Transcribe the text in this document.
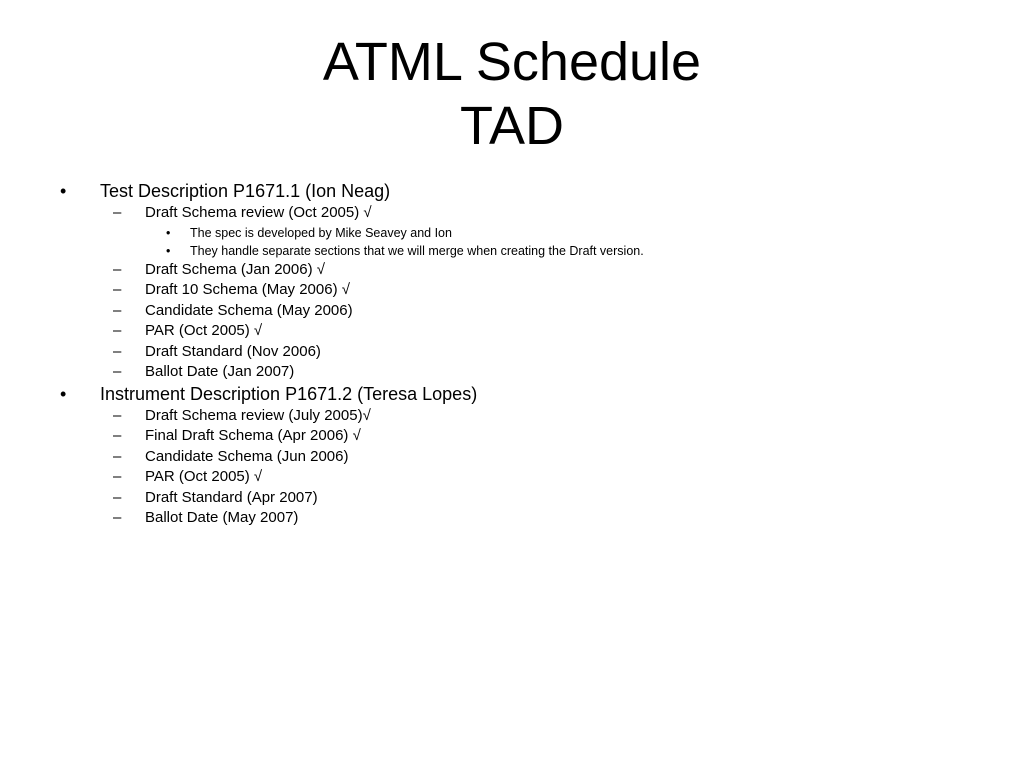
ATML Schedule
TAD
• Test Description P1671.1 (Ion Neag)
– Draft Schema review (Oct 2005) √
• The spec is developed by Mike Seavey and Ion
• They handle separate sections that we will merge when creating the Draft version.
– Draft Schema (Jan 2006) √
– Draft 10 Schema (May 2006) √
– Candidate Schema (May 2006)
– PAR (Oct 2005) √
– Draft Standard (Nov 2006)
– Ballot Date (Jan 2007)
• Instrument Description P1671.2 (Teresa Lopes)
– Draft Schema review (July 2005)√
– Final Draft Schema (Apr 2006) √
– Candidate Schema (Jun 2006)
– PAR (Oct 2005) √
– Draft Standard (Apr 2007)
– Ballot Date (May 2007)
